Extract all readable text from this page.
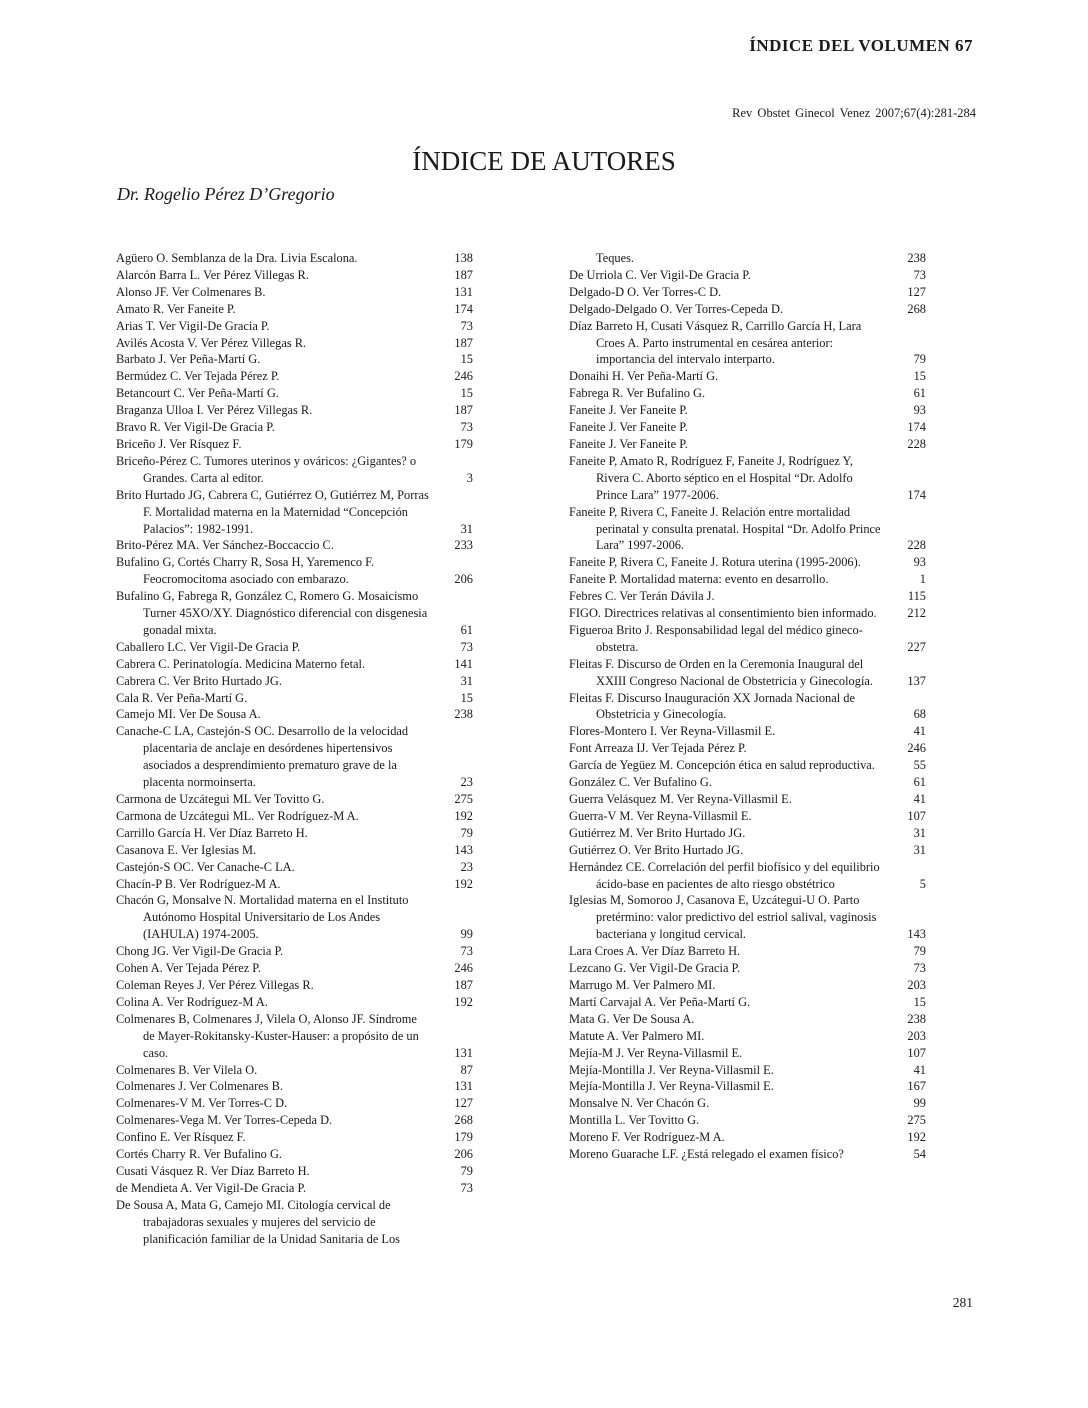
ÍNDICE DEL VOLUMEN 67
Rev Obstet Ginecol Venez 2007;67(4):281-284
ÍNDICE DE AUTORES
Dr. Rogelio Pérez D’Gregorio
Agüero O. Semblanza de la Dra. Livia Escalona.	138
Alarcón Barra L. Ver Pérez Villegas R.	187
Alonso JF. Ver Colmenares B.	131
Amato R. Ver Faneite P.	174
Arias T. Ver Vigil-De Gracia P.	73
Avilés Acosta V. Ver Pérez Villegas R.	187
Barbato J. Ver Peña-Martí G.	15
Bermúdez C. Ver Tejada Pérez P.	246
Betancourt C. Ver Peña-Martí G.	15
Braganza Ulloa I. Ver Pérez Villegas R.	187
Bravo R. Ver Vigil-De Gracia P.	73
Briceño J. Ver Rísquez F.	179
Briceño-Pérez C. Tumores uterinos y ováricos: ¿Gigantes? o Grandes. Carta al editor.	3
Brito Hurtado JG, Cabrera C, Gutiérrez O, Gutiérrez M, Porras F. Mortalidad materna en la Maternidad “Concepción Palacios”: 1982-1991.	31
Brito-Pérez MA. Ver Sánchez-Boccaccio C.	233
Bufalino G, Cortés Charry R, Sosa H, Yaremenco F. Feocromocitoma asociado con embarazo.	206
Bufalino G, Fabrega R, González C, Romero G. Mosaicismo Turner 45XO/XY. Diagnóstico diferencial con disgenesia gonadal mixta.	61
Caballero LC. Ver Vigil-De Gracia P.	73
Cabrera C. Perinatología. Medicina Materno fetal.	141
Cabrera C. Ver Brito Hurtado JG.	31
Cala R. Ver Peña-Martí G.	15
Camejo MI. Ver De Sousa A.	238
Canache-C LA, Castejón-S OC. Desarrollo de la velocidad placentaria de anclaje en desórdenes hipertensivos asociados a desprendimiento prematuro grave de la placenta normoinserta.	23
Carmona de Uzcátegui ML Ver Tovitto G.	275
Carmona de Uzcátegui ML. Ver Rodríguez-M A.	192
Carrillo García H. Ver Díaz Barreto H.	79
Casanova E. Ver Iglesias M.	143
Castejón-S OC. Ver Canache-C LA.	23
Chacín-P B. Ver Rodríguez-M A.	192
Chacón G, Monsalve N. Mortalidad materna en el Instituto Autónomo Hospital Universitario de Los Andes (IAHULA) 1974-2005.	99
Chong JG. Ver Vigil-De Gracia P.	73
Cohen A. Ver Tejada Pérez P.	246
Coleman Reyes J. Ver Pérez Villegas R.	187
Colina A. Ver Rodríguez-M A.	192
Colmenares B, Colmenares J, Vilela O, Alonso JF. Síndrome de Mayer-Rokitansky-Kuster-Hauser: a propósito de un caso.	131
Colmenares B. Ver Vilela O.	87
Colmenares J. Ver Colmenares B.	131
Colmenares-V M. Ver Torres-C D.	127
Colmenares-Vega M. Ver Torres-Cepeda D.	268
Confino E. Ver Rísquez F.	179
Cortés Charry R. Ver Bufalino G.	206
Cusati Vásquez R. Ver Díaz Barreto H.	79
de Mendieta A. Ver Vigil-De Gracia P.	73
De Sousa A, Mata G, Camejo MI. Citología cervical de trabajadoras sexuales y mujeres del servicio de planificación familiar de la Unidad Sanitaria de Los
Teques.	238
De Urriola C. Ver Vigil-De Gracia P.	73
Delgado-D O. Ver Torres-C D.	127
Delgado-Delgado O. Ver Torres-Cepeda D.	268
Díaz Barreto H, Cusati Vásquez R, Carrillo García H, Lara Croes A. Parto instrumental en cesárea anterior: importancia del intervalo interparto.	79
Donaihi H. Ver Peña-Martí G.	15
Fabrega R. Ver Bufalino G.	61
Faneite J. Ver Faneite P.	93
Faneite J. Ver Faneite P.	174
Faneite J. Ver Faneite P.	228
Faneite P, Amato R, Rodríguez F, Faneite J, Rodríguez Y, Rivera C. Aborto séptico en el Hospital “Dr. Adolfo Prince Lara” 1977-2006.	174
Faneite P, Rivera C, Faneite J. Relación entre mortalidad perinatal y consulta prenatal. Hospital “Dr. Adolfo Prince Lara” 1997-2006.	228
Faneite P, Rivera C, Faneite J. Rotura uterina (1995-2006).	93
Faneite P. Mortalidad materna: evento en desarrollo.	1
Febres C. Ver Terán Dávila J.	115
FIGO. Directrices relativas al consentimiento bien informado. 212
Figueroa Brito J. Responsabilidad legal del médico gineco-obstetra.	227
Fleitas F. Discurso de Orden en la Ceremonia Inaugural del XXIII Congreso Nacional de Obstetricia y Ginecología.	137
Fleitas F. Discurso Inauguración XX Jornada Nacional de Obstetricia y Ginecología.	68
Flores-Montero I. Ver Reyna-Villasmil E.	41
Font Arreaza IJ. Ver Tejada Pérez P.	246
García de Yegüez M. Concepción ética en salud reproductiva.	55
González C. Ver Bufalino G.	61
Guerra Velásquez M. Ver Reyna-Villasmil E.	41
Guerra-V M. Ver Reyna-Villasmil E.	107
Gutiérrez M. Ver Brito Hurtado JG.	31
Gutiérrez O. Ver Brito Hurtado JG.	31
Hernández CE. Correlación del perfil biofísico y del equilibrio ácido-base en pacientes de alto riesgo obstétrico	5
Iglesias M, Somoroo J, Casanova E, Uzcátegui-U O. Parto pretérmino: valor predictivo del estriol salival, vaginosis bacteriana y longitud cervical.	143
Lara Croes A. Ver Díaz Barreto H.	79
Lezcano G. Ver Vigil-De Gracia P.	73
Marrugo M. Ver Palmero MI.	203
Martí Carvajal A. Ver Peña-Martí G.	15
Mata G. Ver De Sousa A.	238
Matute A. Ver Palmero MI.	203
Mejía-M J. Ver Reyna-Villasmil E.	107
Mejía-Montilla J. Ver Reyna-Villasmil E.	41
Mejía-Montilla J. Ver Reyna-Villasmil E.	167
Monsalve N. Ver Chacón G.	99
Montilla L. Ver Tovitto G.	275
Moreno F. Ver Rodríguez-M A.	192
Moreno Guarache LF. ¿Está relegado el examen físico?	54
281
